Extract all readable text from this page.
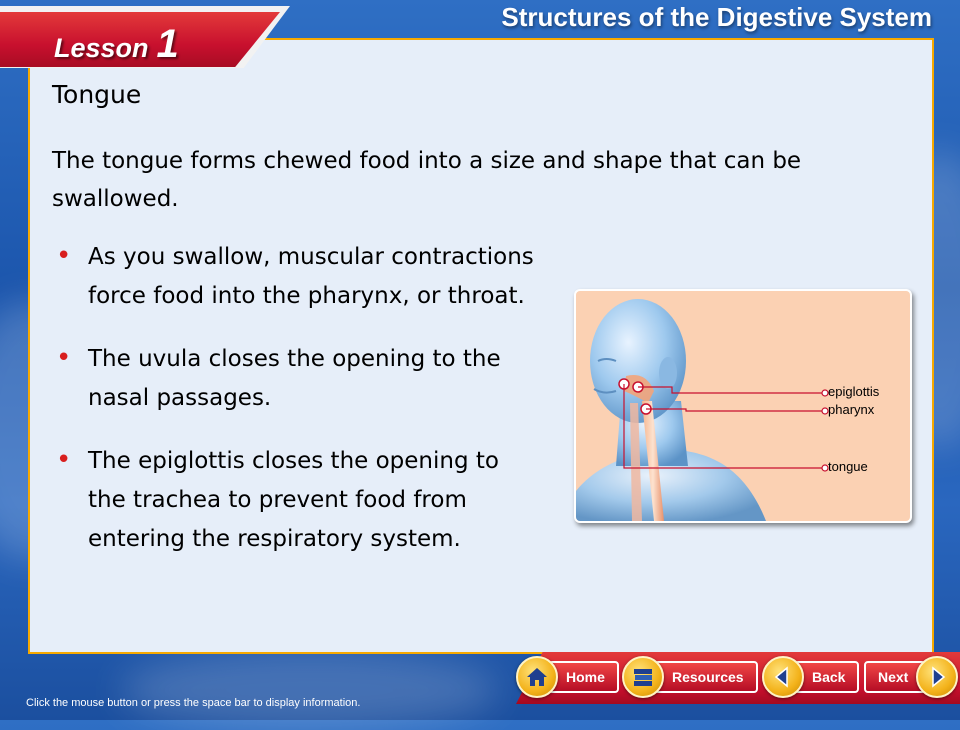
Lesson 1
Structures of the Digestive System
Tongue
The tongue forms chewed food into a size and shape that can be swallowed.
• As you swallow, muscular contractions force food into the pharynx, or throat.
• The uvula closes the opening to the nasal passages.
• The epiglottis closes the opening to the trachea to prevent food from entering the respiratory system.
epiglottis
pharynx
tongue
Home	Resources	Back	Next
Click the mouse button or press the space bar to display information.
